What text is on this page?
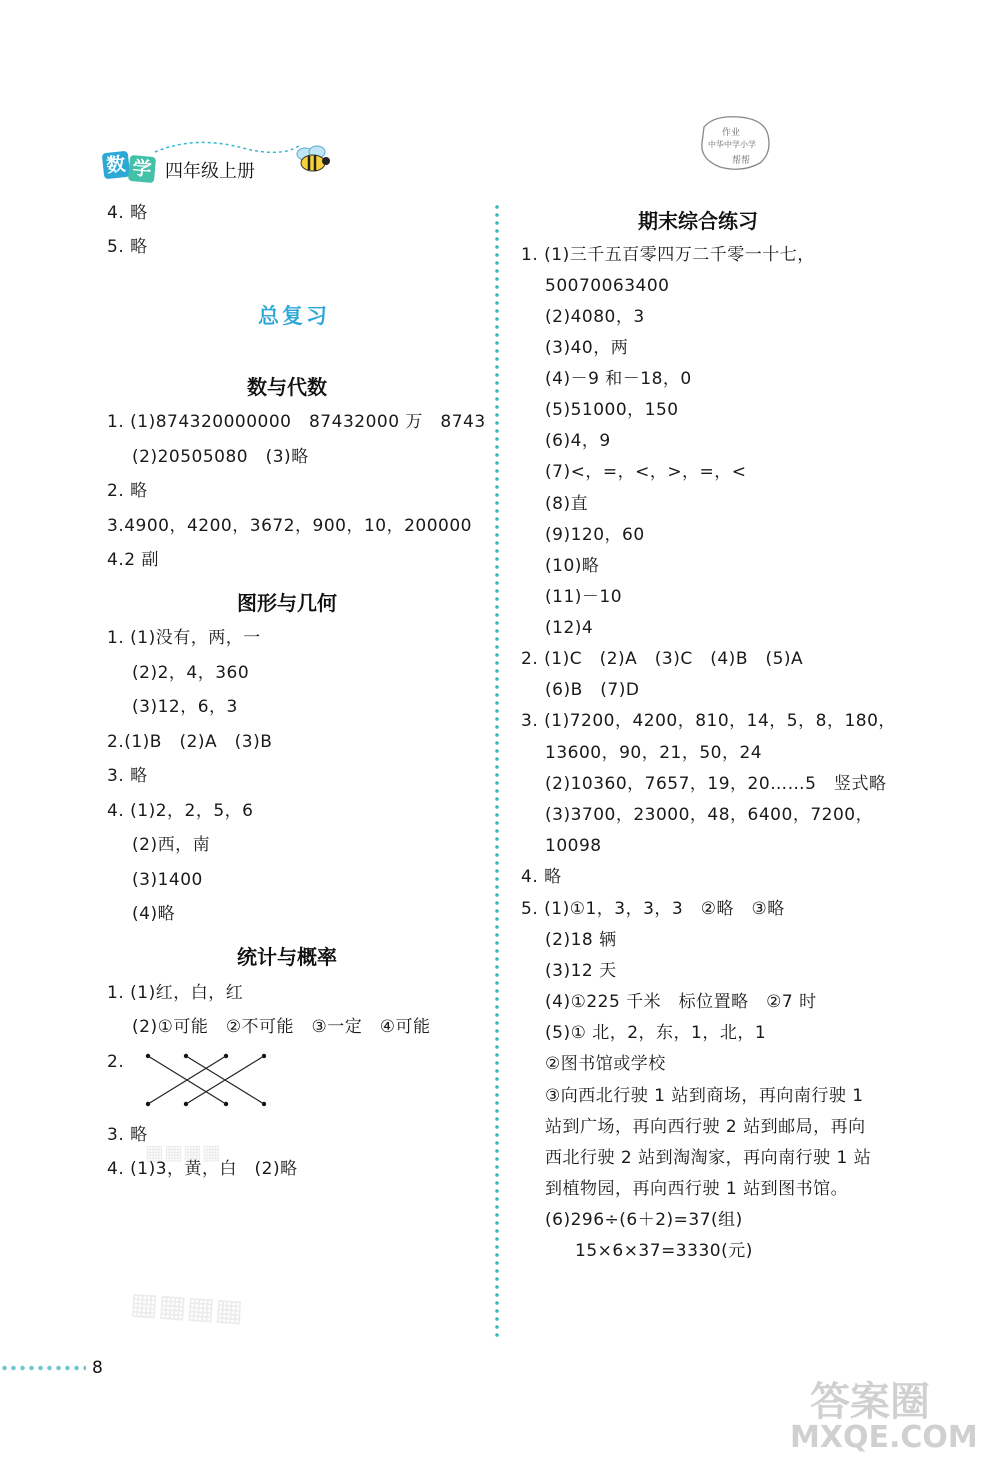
数 学 四年级上册
作业
中华中学小学
帮帮
4. 略
5. 略
总复习
数与代数
1. (1)874320000000　87432000 万　8743
(2)20505080　(3)略
2. 略
3.4900，4200，3672，900，10，200000
4.2 副
图形与几何
1. (1)没有，两，一
(2)2，4，360
(3)12，6，3
2.(1)B　(2)A　(3)B
3. 略
4. (1)2，2，5，6
(2)西，南
(3)1400
(4)略
统计与概率
1. (1)红，白，红
(2)①可能　②不可能　③一定　④可能
2.
3. 略
4. (1)3，黄，白　(2)略
期末综合练习
1. (1)三千五百零四万二千零一十七，
50070063400
(2)4080，3
(3)40，两
(4)－9 和－18，0
(5)51000，150
(6)4，9
(7)<，=，<，>，=，<
(8)直
(9)120，60
(10)略
(11)－10
(12)4
2. (1)C　(2)A　(3)C　(4)B　(5)A
(6)B　(7)D
3. (1)7200，4200，810，14，5，8，180，
13600，90，21，50，24
(2)10360，7657，19，20……5　竖式略
(3)3700，23000，48，6400，7200，
10098
4. 略
5. (1)①1，3，3，3　②略　③略
(2)18 辆
(3)12 天
(4)①225 千米　标位置略　②7 时
(5)① 北，2，东，1，北，1
②图书馆或学校
③向西北行驶 1 站到商场，再向南行驶 1
站到广场，再向西行驶 2 站到邮局，再向
西北行驶 2 站到淘淘家，再向南行驶 1 站
到植物园，再向西行驶 1 站到图书馆。
(6)296÷(6＋2)=37(组)
15×6×37=3330(元)
▦▦▦▦
▦▦▦▦
8
答案圈
MXQE.COM
